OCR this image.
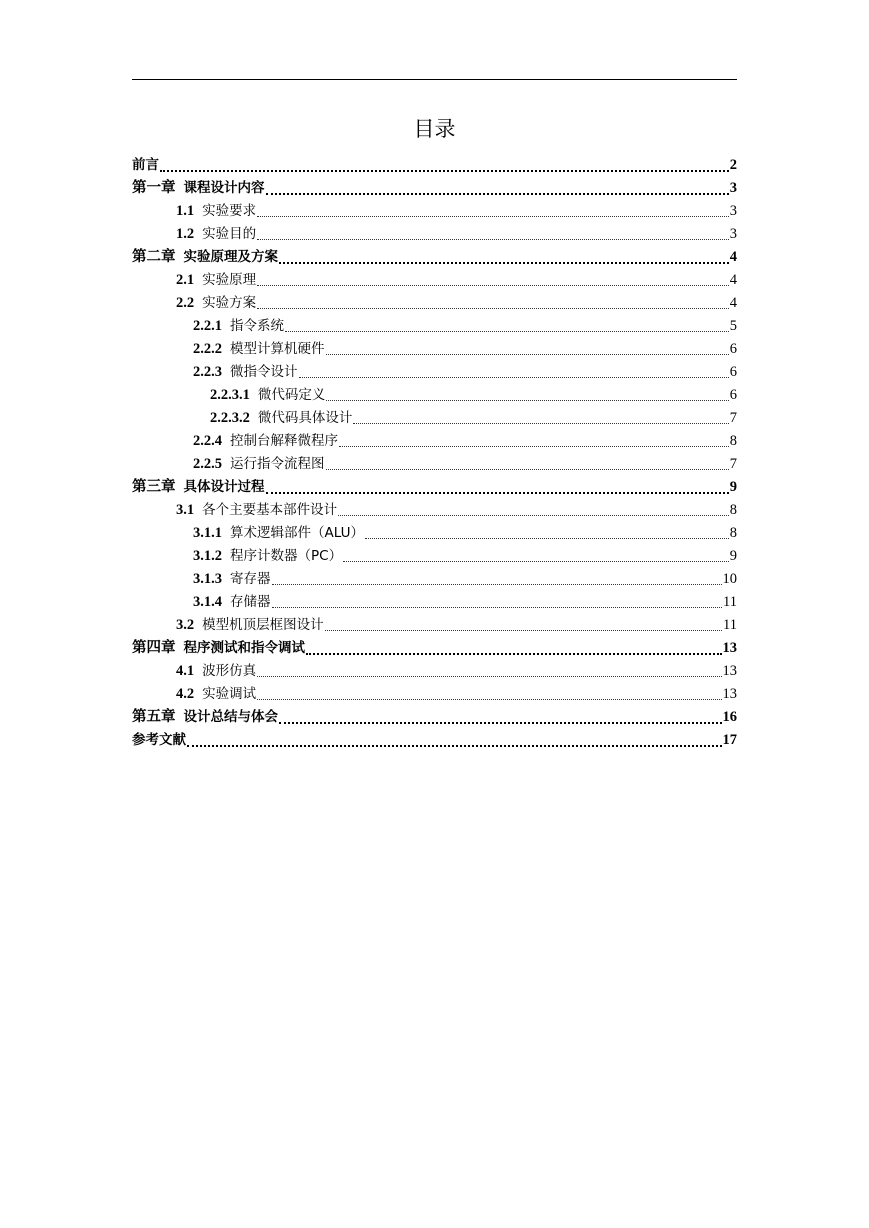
目录
前言	2
第一章 课程设计内容	3
1.1 实验要求	3
1.2 实验目的	3
第二章 实验原理及方案	4
2.1 实验原理	4
2.2 实验方案	4
2.2.1 指令系统	5
2.2.2 模型计算机硬件	6
2.2.3 微指令设计	6
2.2.3.1 微代码定义	6
2.2.3.2 微代码具体设计	7
2.2.4 控制台解释微程序	8
2.2.5 运行指令流程图	7
第三章 具体设计过程	9
3.1 各个主要基本部件设计	8
3.1.1 算术逻辑部件（ALU）	8
3.1.2 程序计数器（PC）	9
3.1.3 寄存器	10
3.1.4 存储器	11
3.2 模型机顶层框图设计	11
第四章 程序测试和指令调试	13
4.1 波形仿真	13
4.2 实验调试	13
第五章 设计总结与体会	16
参考文献	17
